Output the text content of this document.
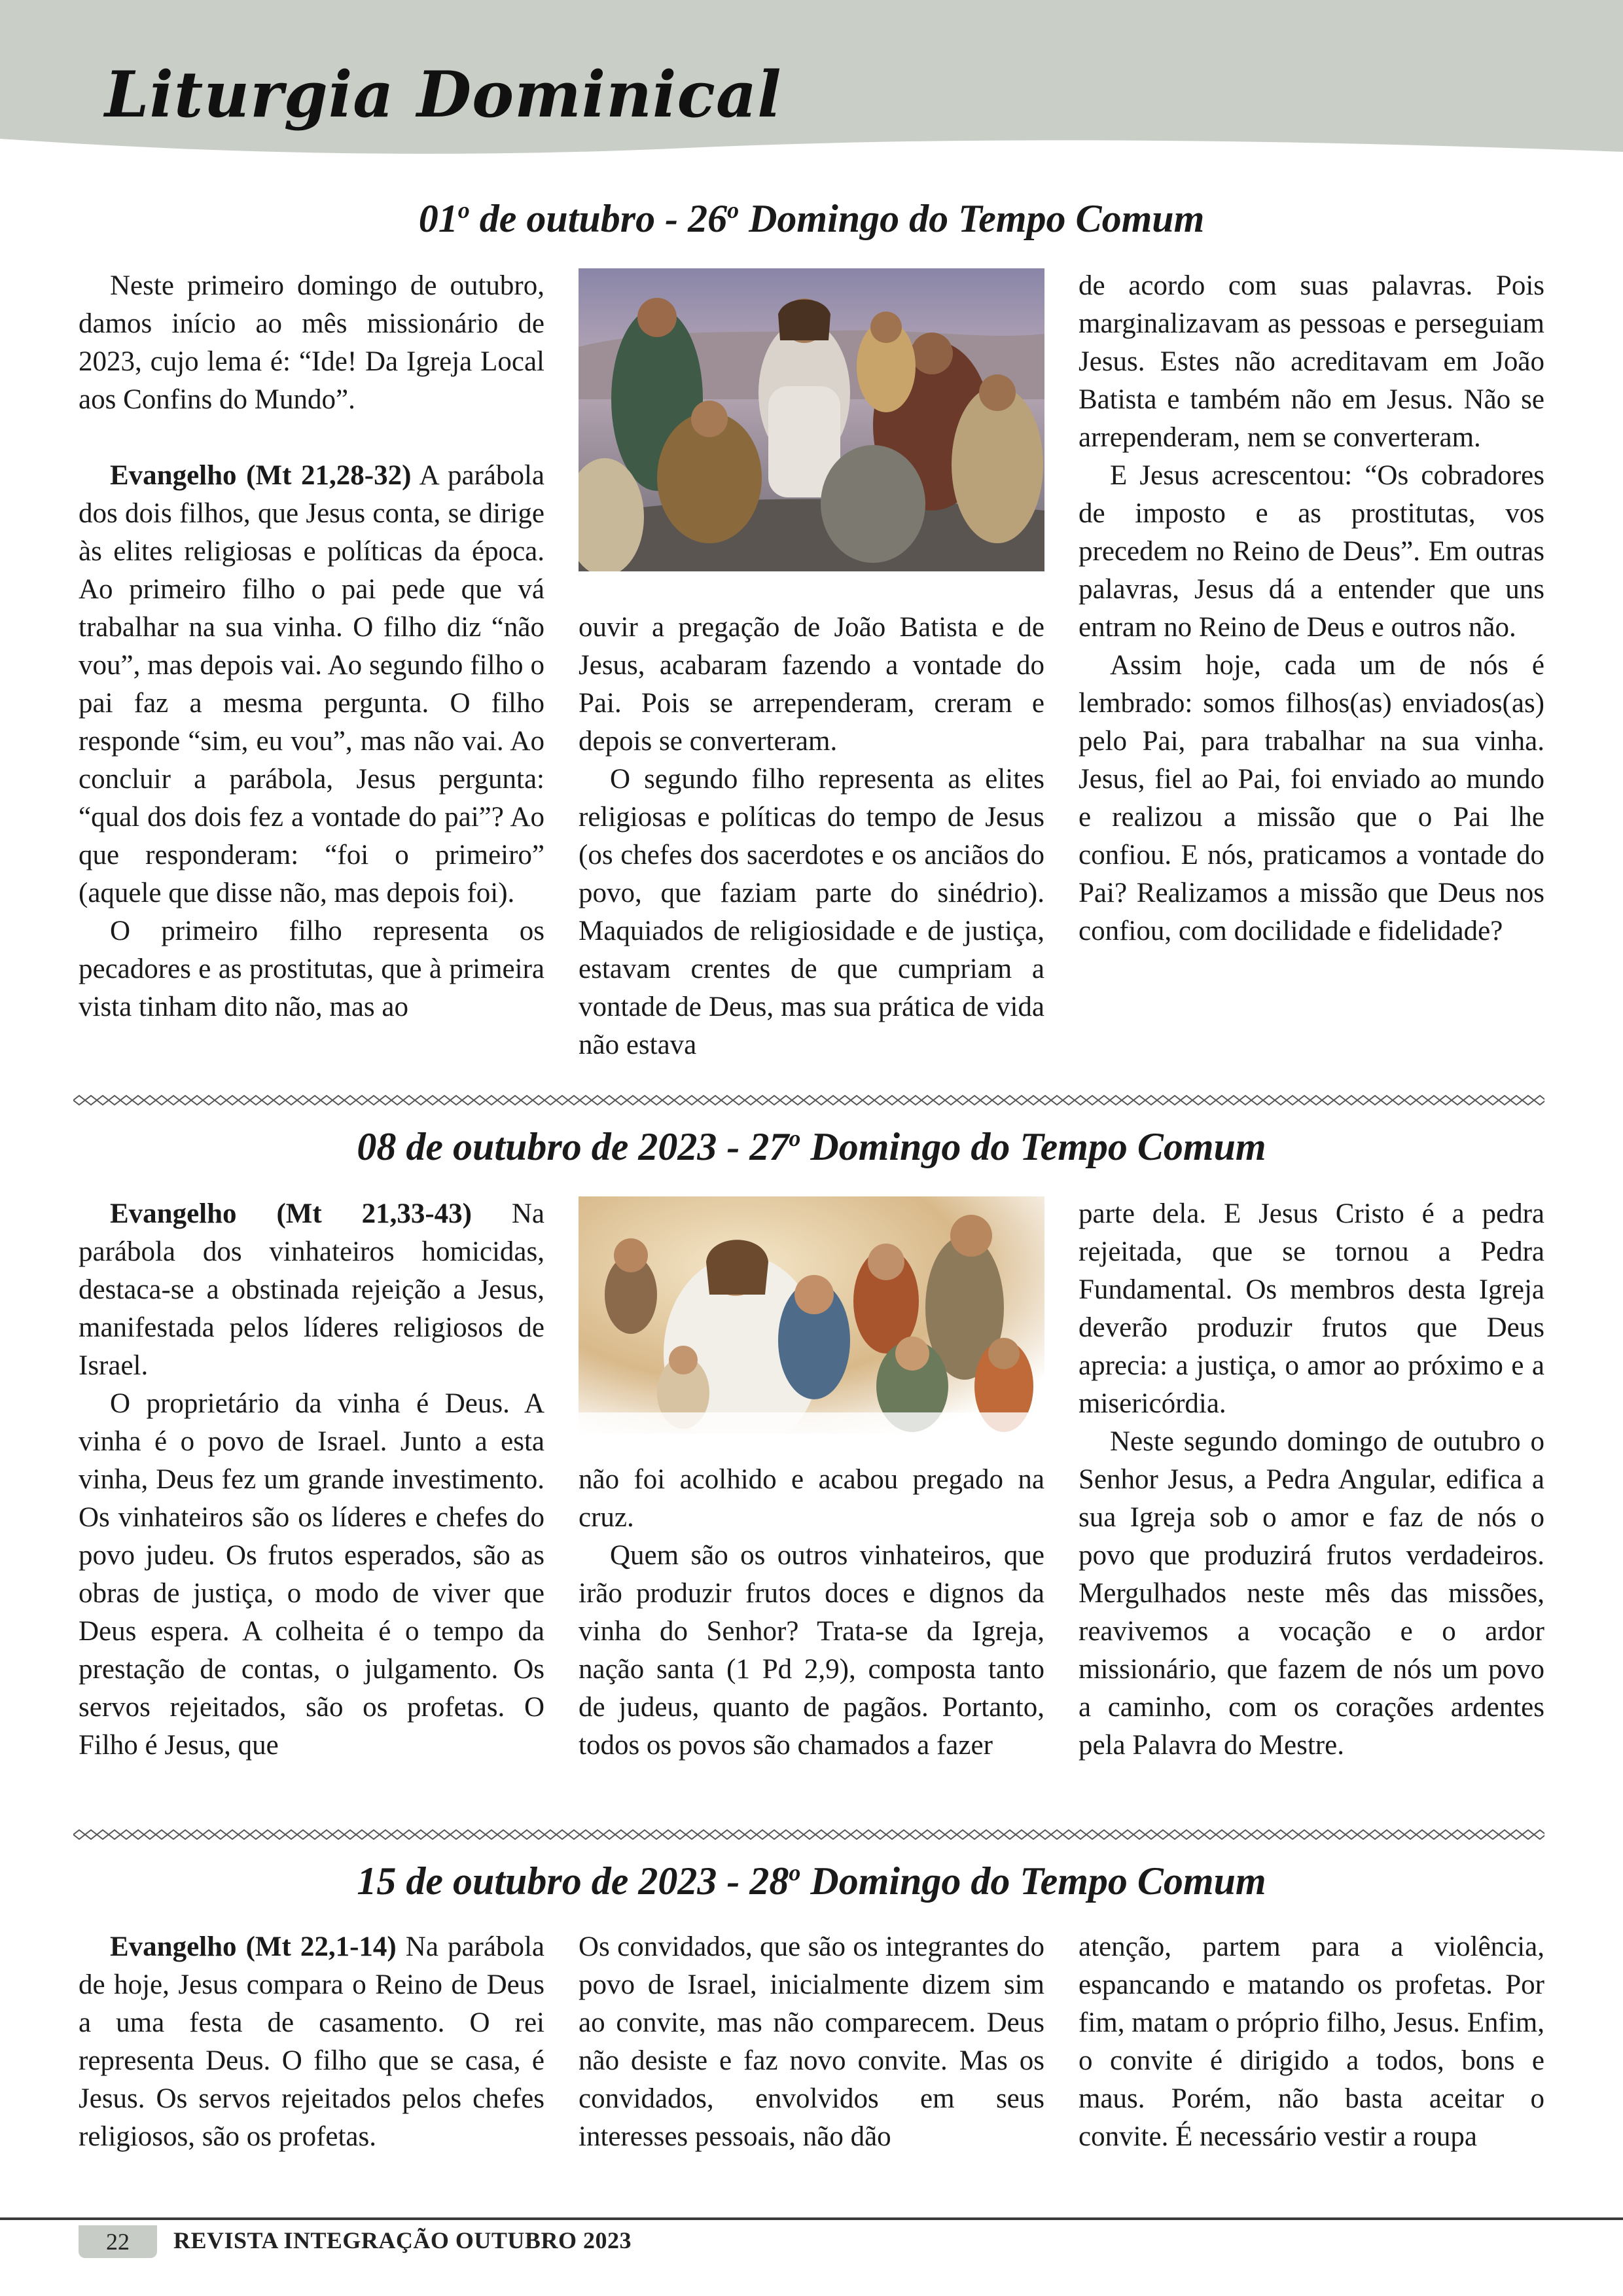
Liturgia Dominical
01$^o$ de outubro - 26$^o$ Domingo do Tempo Comum

Neste primeiro domingo de outubro, damos início ao mês missionário de 2023, cujo lema é: “Ide! Da Igreja Local aos Confins do Mundo”.

Evangelho (Mt 21,28-32) A parábola dos dois filhos, que Jesus conta, se dirige às elites religiosas e políticas da época. Ao primeiro filho o pai pede que vá trabalhar na sua vinha. O filho diz “não vou”, mas depois vai. Ao segundo filho o pai faz a mesma pergunta. O filho responde “sim, eu vou”, mas não vai. Ao concluir a parábola, Jesus pergunta: “qual dos dois fez a vontade do pai”? Ao que responderam: “foi o primeiro” (aquele que disse não, mas depois foi).

O primeiro filho representa os pecadores e as prostitutas, que à primeira vista tinham dito não, mas ao

ouvir a pregação de João Batista e de Jesus, acabaram fazendo a vontade do Pai. Pois se arrependeram, creram e depois se converteram.

O segundo filho representa as elites religiosas e políticas do tempo de Jesus (os chefes dos sacerdotes e os anciãos do povo, que faziam parte do sinédrio). Maquiados de religiosidade e de justiça, estavam crentes de que cumpriam a vontade de Deus, mas sua prática de vida não estava

de acordo com suas palavras. Pois marginalizavam as pessoas e perseguiam Jesus. Estes não acreditavam em João Batista e também não em Jesus. Não se arrependeram, nem se converteram.

E Jesus acrescentou: “Os cobradores de imposto e as prostitutas, vos precedem no Reino de Deus”. Em outras palavras, Jesus dá a entender que uns entram no Reino de Deus e outros não.

Assim hoje, cada um de nós é lembrado: somos filhos(as) enviados(as) pelo Pai, para trabalhar na sua vinha. Jesus, fiel ao Pai, foi enviado ao mundo e realizou a missão que o Pai lhe confiou. E nós, praticamos a vontade do Pai? Realizamos a missão que Deus nos confiou, com docilidade e fidelidade?

08 de outubro de 2023 - 27$^o$ Domingo do Tempo Comum

Evangelho (Mt 21,33-43) Na parábola dos vinhateiros homicidas, destaca-se a obstinada rejeição a Jesus, manifestada pelos líderes religiosos de Israel.

O proprietário da vinha é Deus. A vinha é o povo de Israel. Junto a esta vinha, Deus fez um grande investimento. Os vinhateiros são os líderes e chefes do povo judeu. Os frutos esperados, são as obras de justiça, o modo de viver que Deus espera. A colheita é o tempo da prestação de contas, o julgamento. Os servos rejeitados, são os profetas. O Filho é Jesus, que

não foi acolhido e acabou pregado na cruz.

Quem são os outros vinhateiros, que irão produzir frutos doces e dignos da vinha do Senhor? Trata-se da Igreja, nação santa (1 Pd 2,9), composta tanto de judeus, quanto de pagãos. Portanto, todos os povos são chamados a fazer

parte dela. E Jesus Cristo é a pedra rejeitada, que se tornou a Pedra Fundamental. Os membros desta Igreja deverão produzir frutos que Deus aprecia: a justiça, o amor ao próximo e a misericórdia.

Neste segundo domingo de outubro o Senhor Jesus, a Pedra Angular, edifica a sua Igreja sob o amor e faz de nós o povo que produzirá frutos verdadeiros. Mergulhados neste mês das missões, reavivemos a vocação e o ardor missionário, que fazem de nós um povo a caminho, com os corações ardentes pela Palavra do Mestre.

15 de outubro de 2023 - 28$^o$ Domingo do Tempo Comum

Evangelho (Mt 22,1-14) Na parábola de hoje, Jesus compara o Reino de Deus a uma festa de casamento. O rei representa Deus. O filho que se casa, é Jesus. Os servos rejeitados pelos chefes religiosos, são os profetas.

Os convidados, que são os integrantes do povo de Israel, inicialmente dizem sim ao convite, mas não comparecem. Deus não desiste e faz novo convite. Mas os convidados, envolvidos em seus interesses pessoais, não dão

atenção, partem para a violência, espancando e matando os profetas. Por fim, matam o próprio filho, Jesus. Enfim, o convite é dirigido a todos, bons e maus. Porém, não basta aceitar o convite. É necessário vestir a roupa

22	REVISTA INTEGRAÇÃO OUTUBRO 2023
